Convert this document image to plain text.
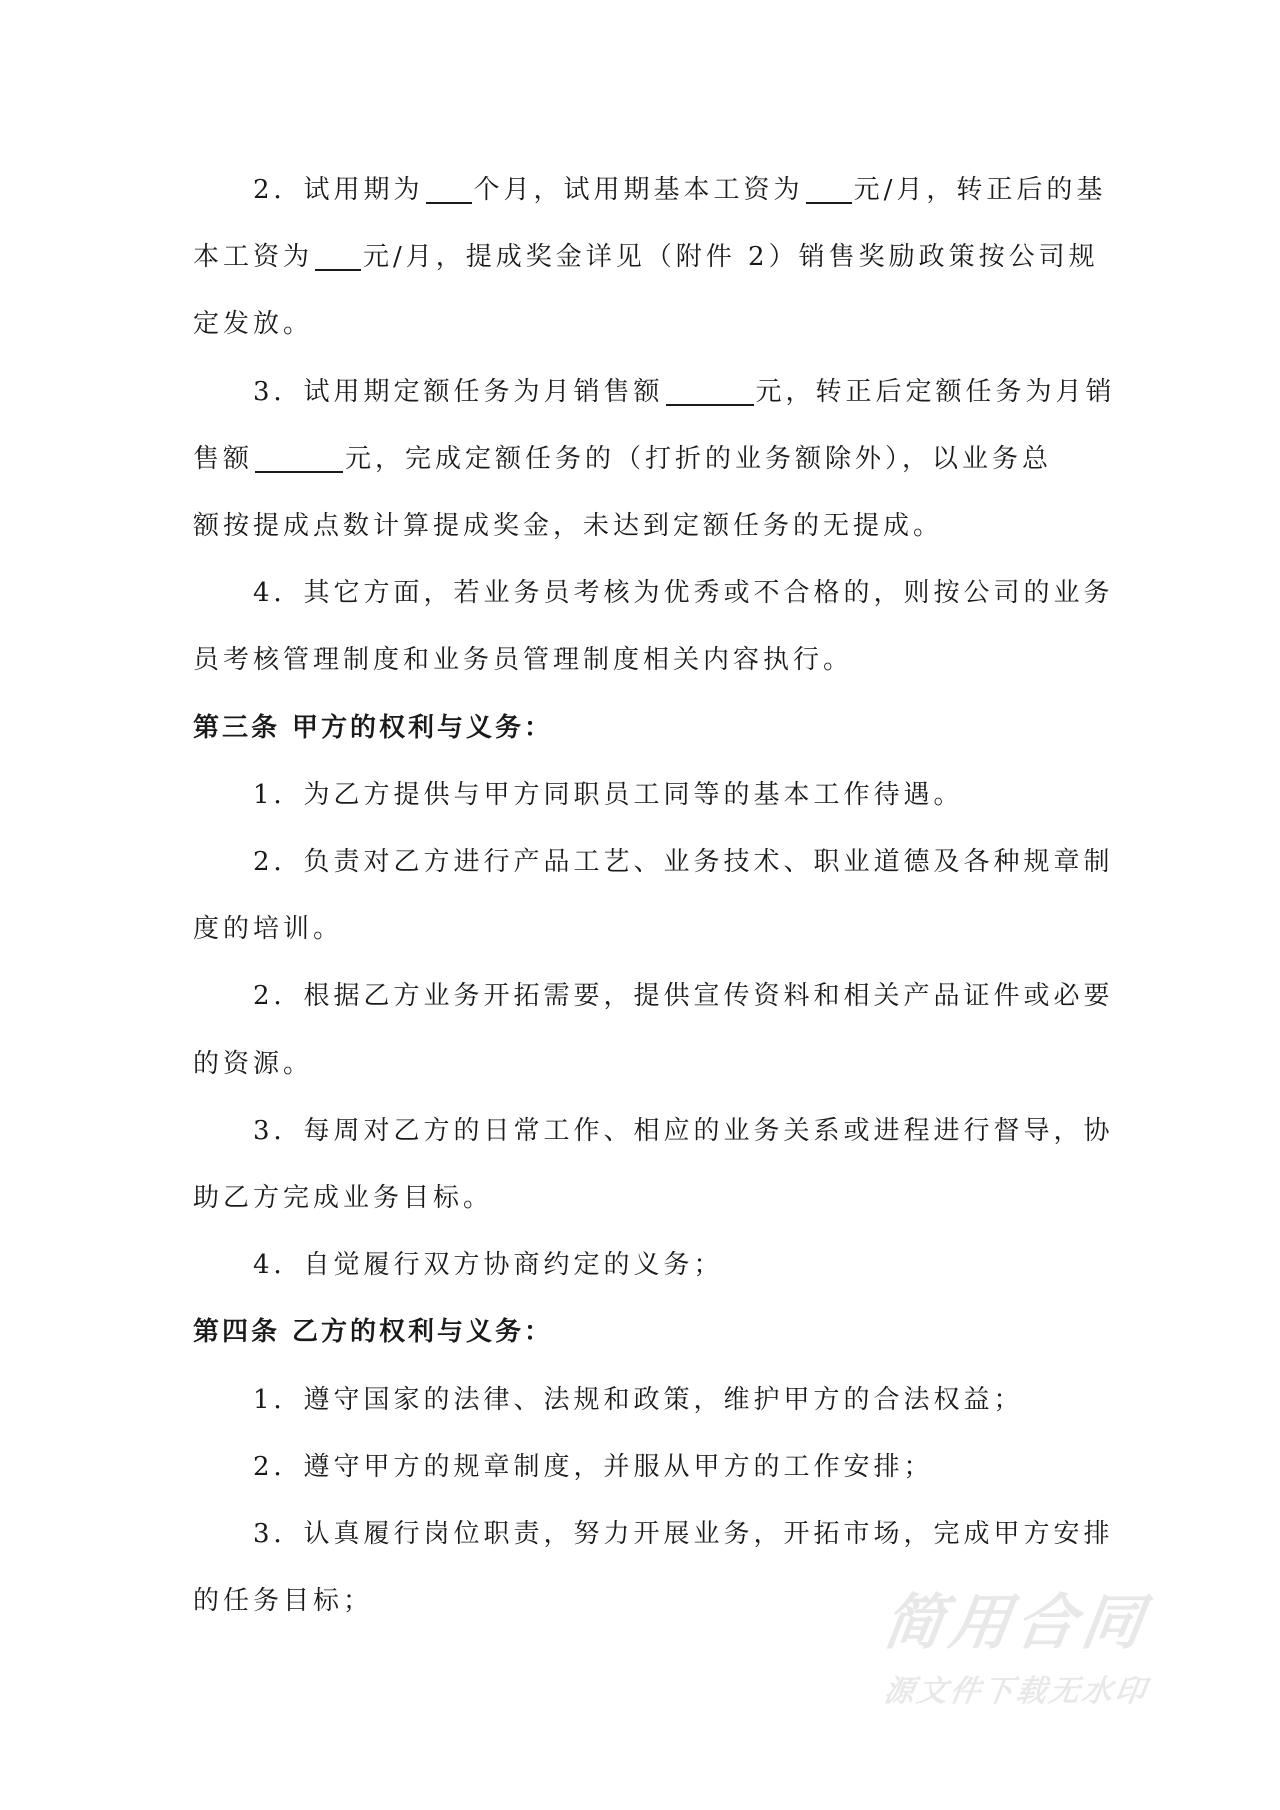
2．试用期为 个月，试用期基本工资为 元/月，转正后的基
本工资为 元/月，提成奖金详见（附件 2）销售奖励政策按公司规
定发放。
3．试用期定额任务为月销售额	元，转正后定额任务为月销
售额	元，完成定额任务的（打折的业务额除外），以业务总
额按提成点数计算提成奖金，未达到定额任务的无提成。
4．其它方面，若业务员考核为优秀或不合格的，则按公司的业务
员考核管理制度和业务员管理制度相关内容执行。
第三条 甲方的权利与义务：
1．为乙方提供与甲方同职员工同等的基本工作待遇。
2．负责对乙方进行产品工艺、业务技术、职业道德及各种规章制
度的培训。
2．根据乙方业务开拓需要，提供宣传资料和相关产品证件或必要
的资源。
3．每周对乙方的日常工作、相应的业务关系或进程进行督导，协
助乙方完成业务目标。
4．自觉履行双方协商约定的义务；
第四条 乙方的权利与义务：
1．遵守国家的法律、法规和政策，维护甲方的合法权益；
2．遵守甲方的规章制度，并服从甲方的工作安排；
3．认真履行岗位职责，努力开展业务，开拓市场，完成甲方安排
的任务目标；	简用合同
源文件下载无水印
